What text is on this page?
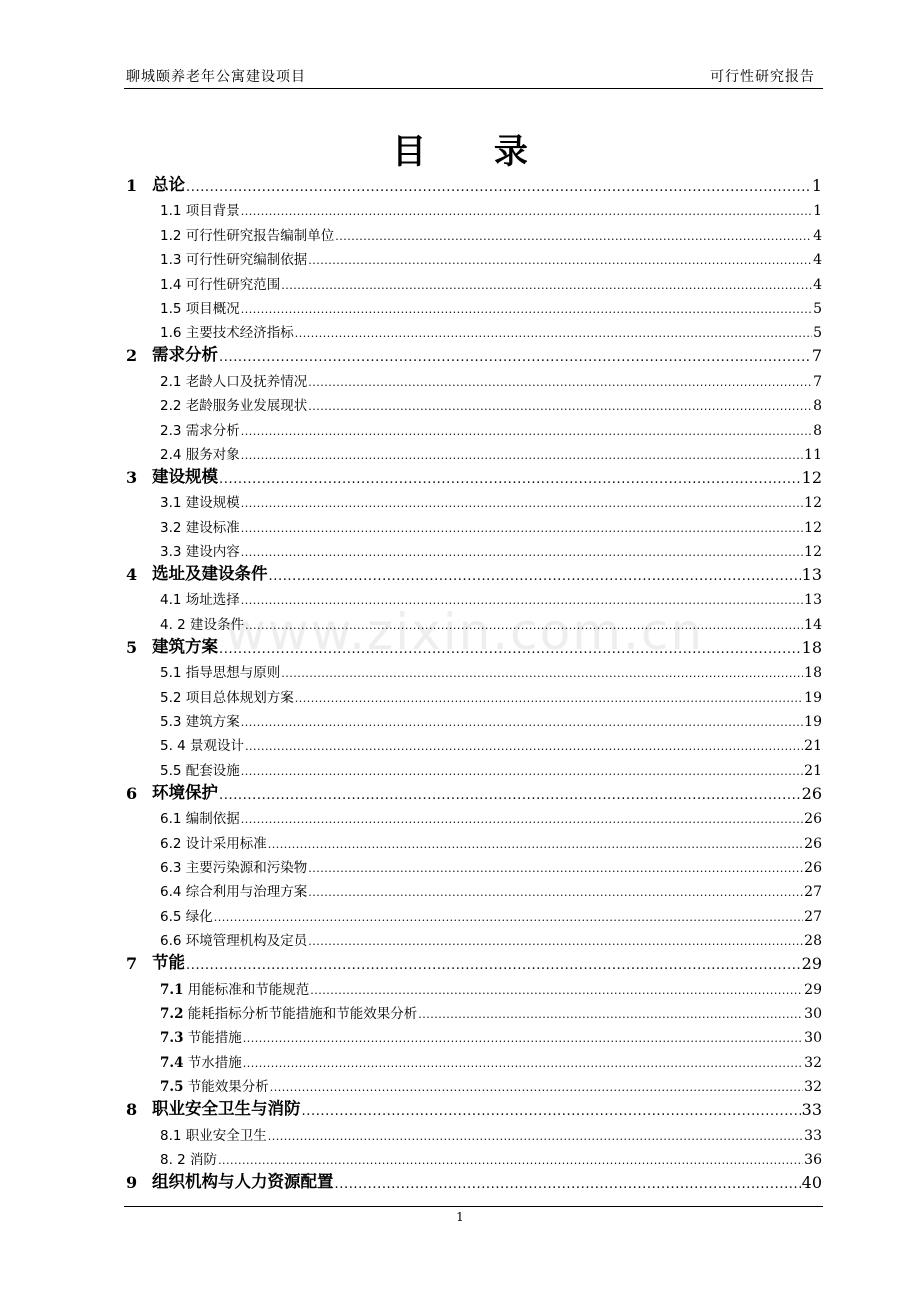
聊城颐养老年公寓建设项目	可行性研究报告
目 录
www.zixin.com.cn
1 总论 .....	1
1.1 项目背景 .....	1
1.2 可行性研究报告编制单位 .....	4
1.3 可行性研究编制依据 .....	4
1.4 可行性研究范围 .....	4
1.5 项目概况 .....	5
1.6 主要技术经济指标 .....	5
2 需求分析 .....	7
2.1 老龄人口及抚养情况 .....	7
2.2 老龄服务业发展现状 .....	8
2.3 需求分析 .....	8
2.4 服务对象 .....	11
3 建设规模 .....	12
3.1 建设规模 .....	12
3.2 建设标准 .....	12
3.3 建设内容 .....	12
4 选址及建设条件 .....	13
4.1 场址选择 .....	13
4. 2 建设条件 .....	14
5 建筑方案 .....	18
5.1 指导思想与原则 .....	18
5.2 项目总体规划方案 .....	19
5.3 建筑方案 .....	19
5. 4 景观设计 .....	21
5.5 配套设施 .....	21
6 环境保护 .....	26
6.1 编制依据 .....	26
6.2 设计采用标准 .....	26
6.3 主要污染源和污染物 .....	26
6.4 综合利用与治理方案 .....	27
6.5 绿化 .....	27
6.6 环境管理机构及定员 .....	28
7 节能 .....	29
7.1 用能标准和节能规范 .....	29
7.2 能耗指标分析节能措施和节能效果分析 .....	30
7.3 节能措施 .....	30
7.4 节水措施 .....	32
7.5 节能效果分析 .....	32
8 职业安全卫生与消防 .....	33
8.1 职业安全卫生 .....	33
8. 2 消防 .....	36
9 组织机构与人力资源配置 .....	40
1
